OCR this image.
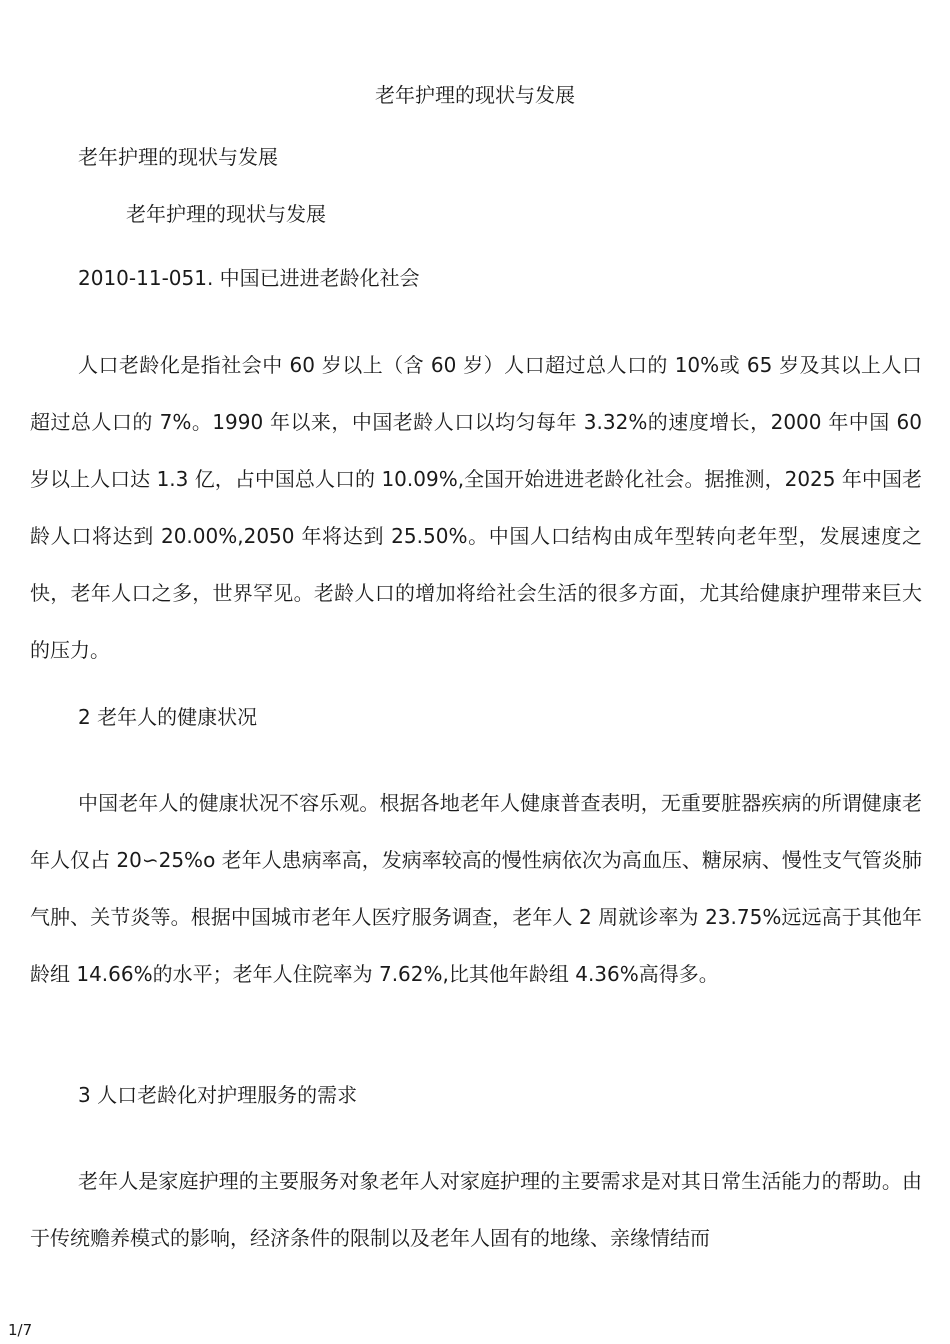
老年护理的现状与发展

老年护理的现状与发展

老年护理的现状与发展

2010-11-051. 中国已进进老龄化社会

人口老龄化是指社会中 60 岁以上（含 60 岁）人口超过总人口的 10%或 65 岁及其以上人口超过总人口的 7%。1990 年以来，中国老龄人口以均匀每年 3.32%的速度增长，2000 年中国 60 岁以上人口达 1.3 亿，占中国总人口的 10.09%,全国开始进进老龄化社会。据推测，2025 年中国老龄人口将达到 20.00%,2050 年将达到 25.50%。中国人口结构由成年型转向老年型，发展速度之快，老年人口之多，世界罕见。老龄人口的增加将给社会生活的很多方面，尤其给健康护理带来巨大的压力。

2 老年人的健康状况

中国老年人的健康状况不容乐观。根据各地老年人健康普查表明，无重要脏器疾病的所谓健康老年人仅占 20∽25%o 老年人患病率高，发病率较高的慢性病依次为高血压、糖尿病、慢性支气管炎肺气肿、关节炎等。根据中国城市老年人医疗服务调查，老年人 2 周就诊率为 23.75%远远高于其他年龄组 14.66%的水平；老年人住院率为 7.62%,比其他年龄组 4.36%高得多。

3 人口老龄化对护理服务的需求

老年人是家庭护理的主要服务对象老年人对家庭护理的主要需求是对其日常生活能力的帮助。由于传统赡养模式的影响，经济条件的限制以及老年人固有的地缘、亲缘情结而

1/7
